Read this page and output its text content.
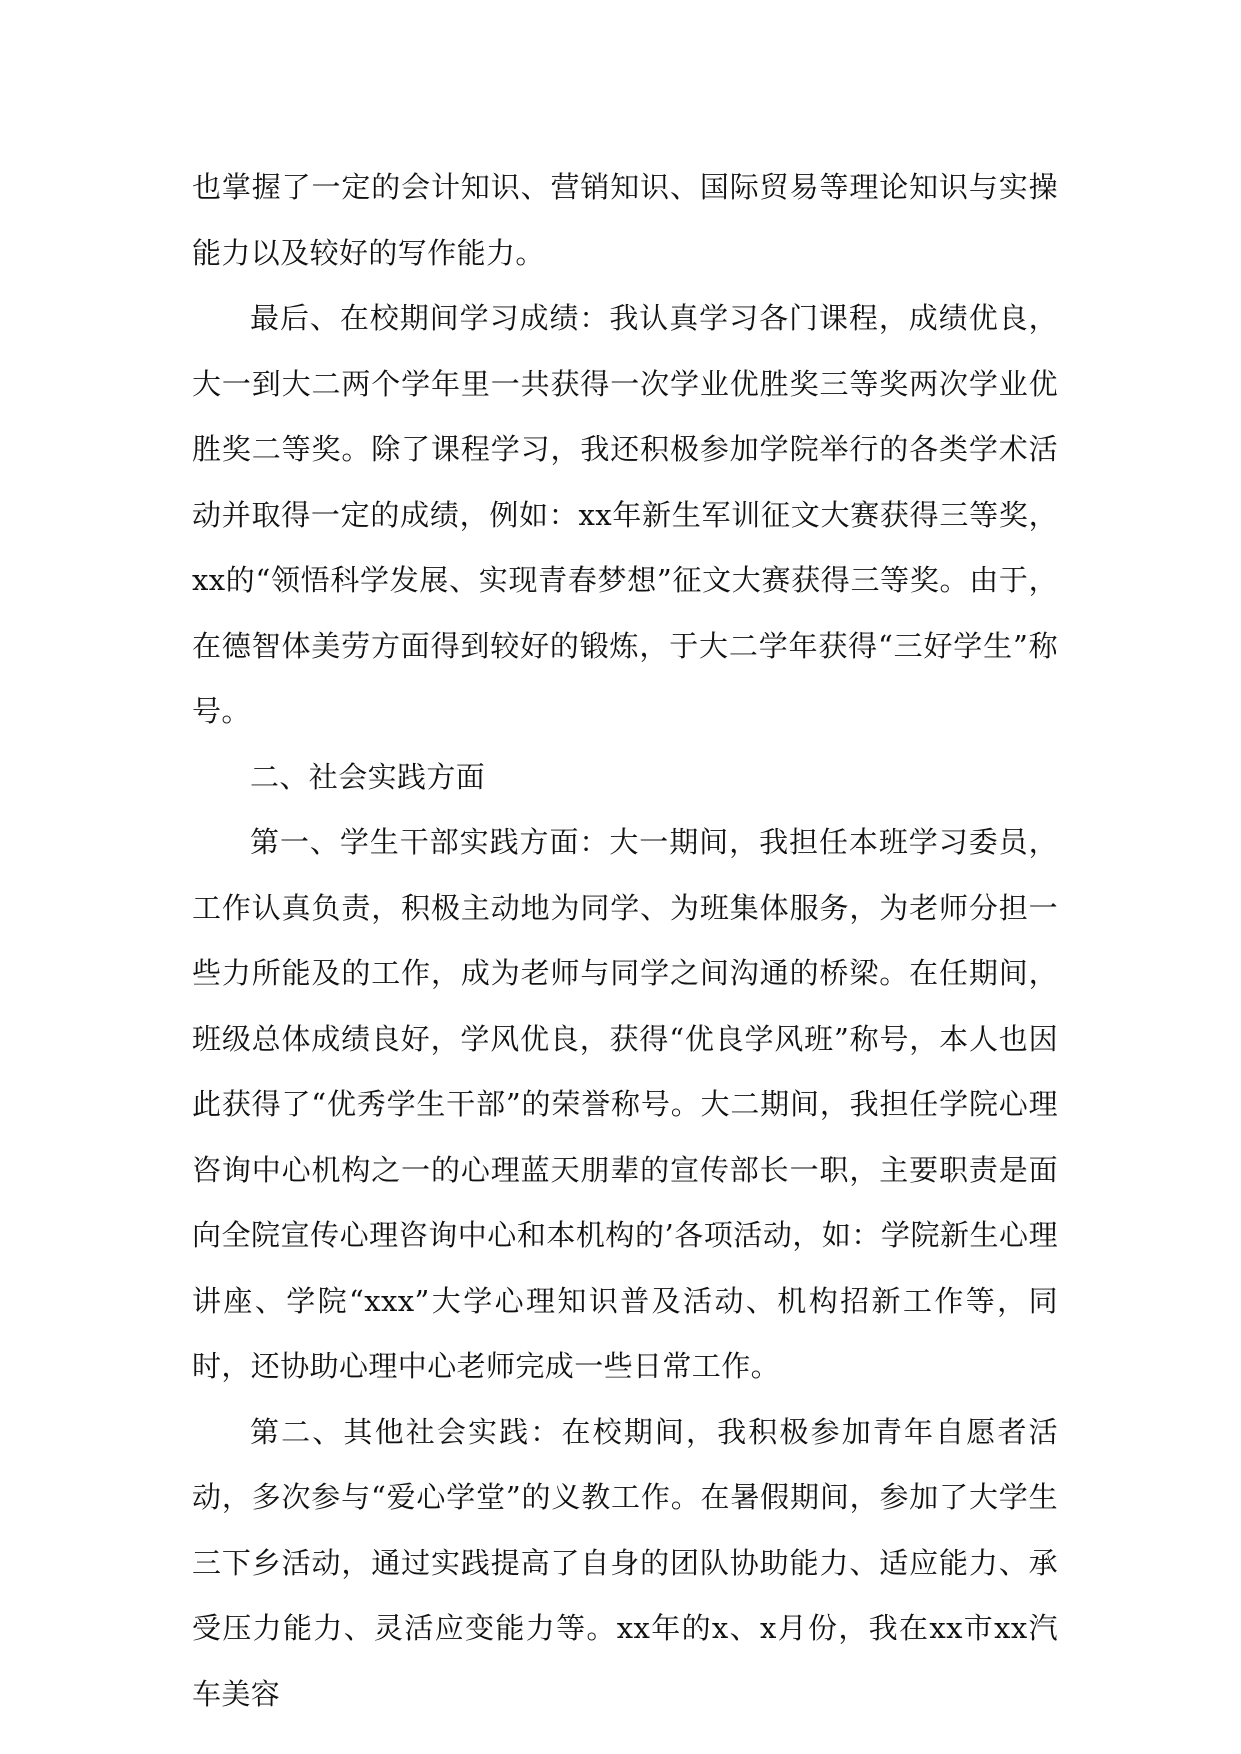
也掌握了一定的会计知识、营销知识、国际贸易等理论知识与实操能力以及较好的写作能力。

最后、在校期间学习成绩：我认真学习各门课程，成绩优良，大一到大二两个学年里一共获得一次学业优胜奖三等奖两次学业优胜奖二等奖。除了课程学习，我还积极参加学院举行的各类学术活动并取得一定的成绩，例如：xx年新生军训征文大赛获得三等奖，xx的“领悟科学发展、实现青春梦想”征文大赛获得三等奖。由于，在德智体美劳方面得到较好的锻炼，于大二学年获得“三好学生”称号。

二、社会实践方面

第一、学生干部实践方面：大一期间，我担任本班学习委员，工作认真负责，积极主动地为同学、为班集体服务，为老师分担一些力所能及的工作，成为老师与同学之间沟通的桥梁。在任期间，班级总体成绩良好，学风优良，获得“优良学风班”称号，本人也因此获得了“优秀学生干部”的荣誉称号。大二期间，我担任学院心理咨询中心机构之一的心理蓝天朋辈的宣传部长一职，主要职责是面向全院宣传心理咨询中心和本机构的’各项活动，如：学院新生心理讲座、学院“xxx”大学心理知识普及活动、机构招新工作等，同时，还协助心理中心老师完成一些日常工作。

第二、其他社会实践：在校期间，我积极参加青年自愿者活动，多次参与“爱心学堂”的义教工作。在暑假期间，参加了大学生三下乡活动，通过实践提高了自身的团队协助能力、适应能力、承受压力能力、灵活应变能力等。xx年的x、x月份，我在xx市xx汽车美容
